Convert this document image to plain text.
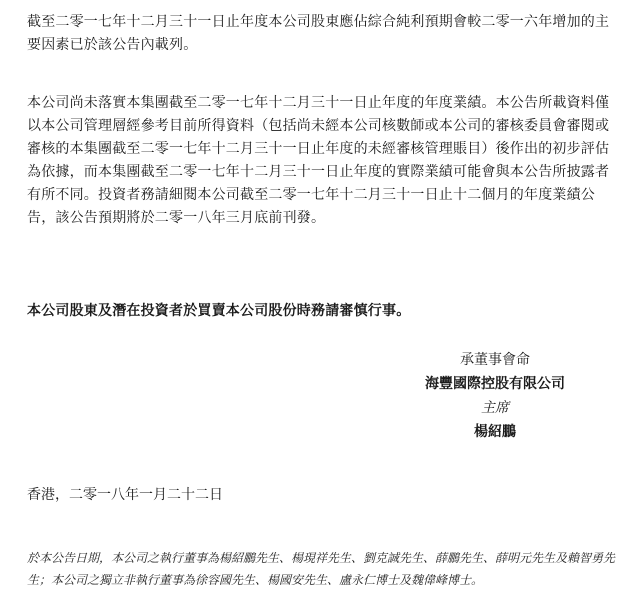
截至二零一七年十二月三十一日止年度本公司股東應佔綜合純利預期會較二零一六年增加的主要因素已於該公告內載列。

本公司尚未落實本集團截至二零一七年十二月三十一日止年度的年度業績。本公告所載資料僅以本公司管理層經參考目前所得資料（包括尚未經本公司核數師或本公司的審核委員會審閱或審核的本集團截至二零一七年十二月三十一日止年度的未經審核管理賬目）後作出的初步評估為依據，而本集團截至二零一七年十二月三十一日止年度的實際業績可能會與本公告所披露者有所不同。投資者務請細閱本公司截至二零一七年十二月三十一日止十二個月的年度業績公告，該公告預期將於二零一八年三月底前刊發。

本公司股東及潛在投資者於買賣本公司股份時務請審慎行事。

承董事會命
海豐國際控股有限公司
主席
楊紹鵬
香港，二零一八年一月二十二日

於本公告日期，本公司之執行董事為楊紹鵬先生、楊現祥先生、劉克誠先生、薛鵬先生、薛明元先生及賴智勇先生；本公司之獨立非執行董事為徐容國先生、楊國安先生、盧永仁博士及魏偉峰博士。
